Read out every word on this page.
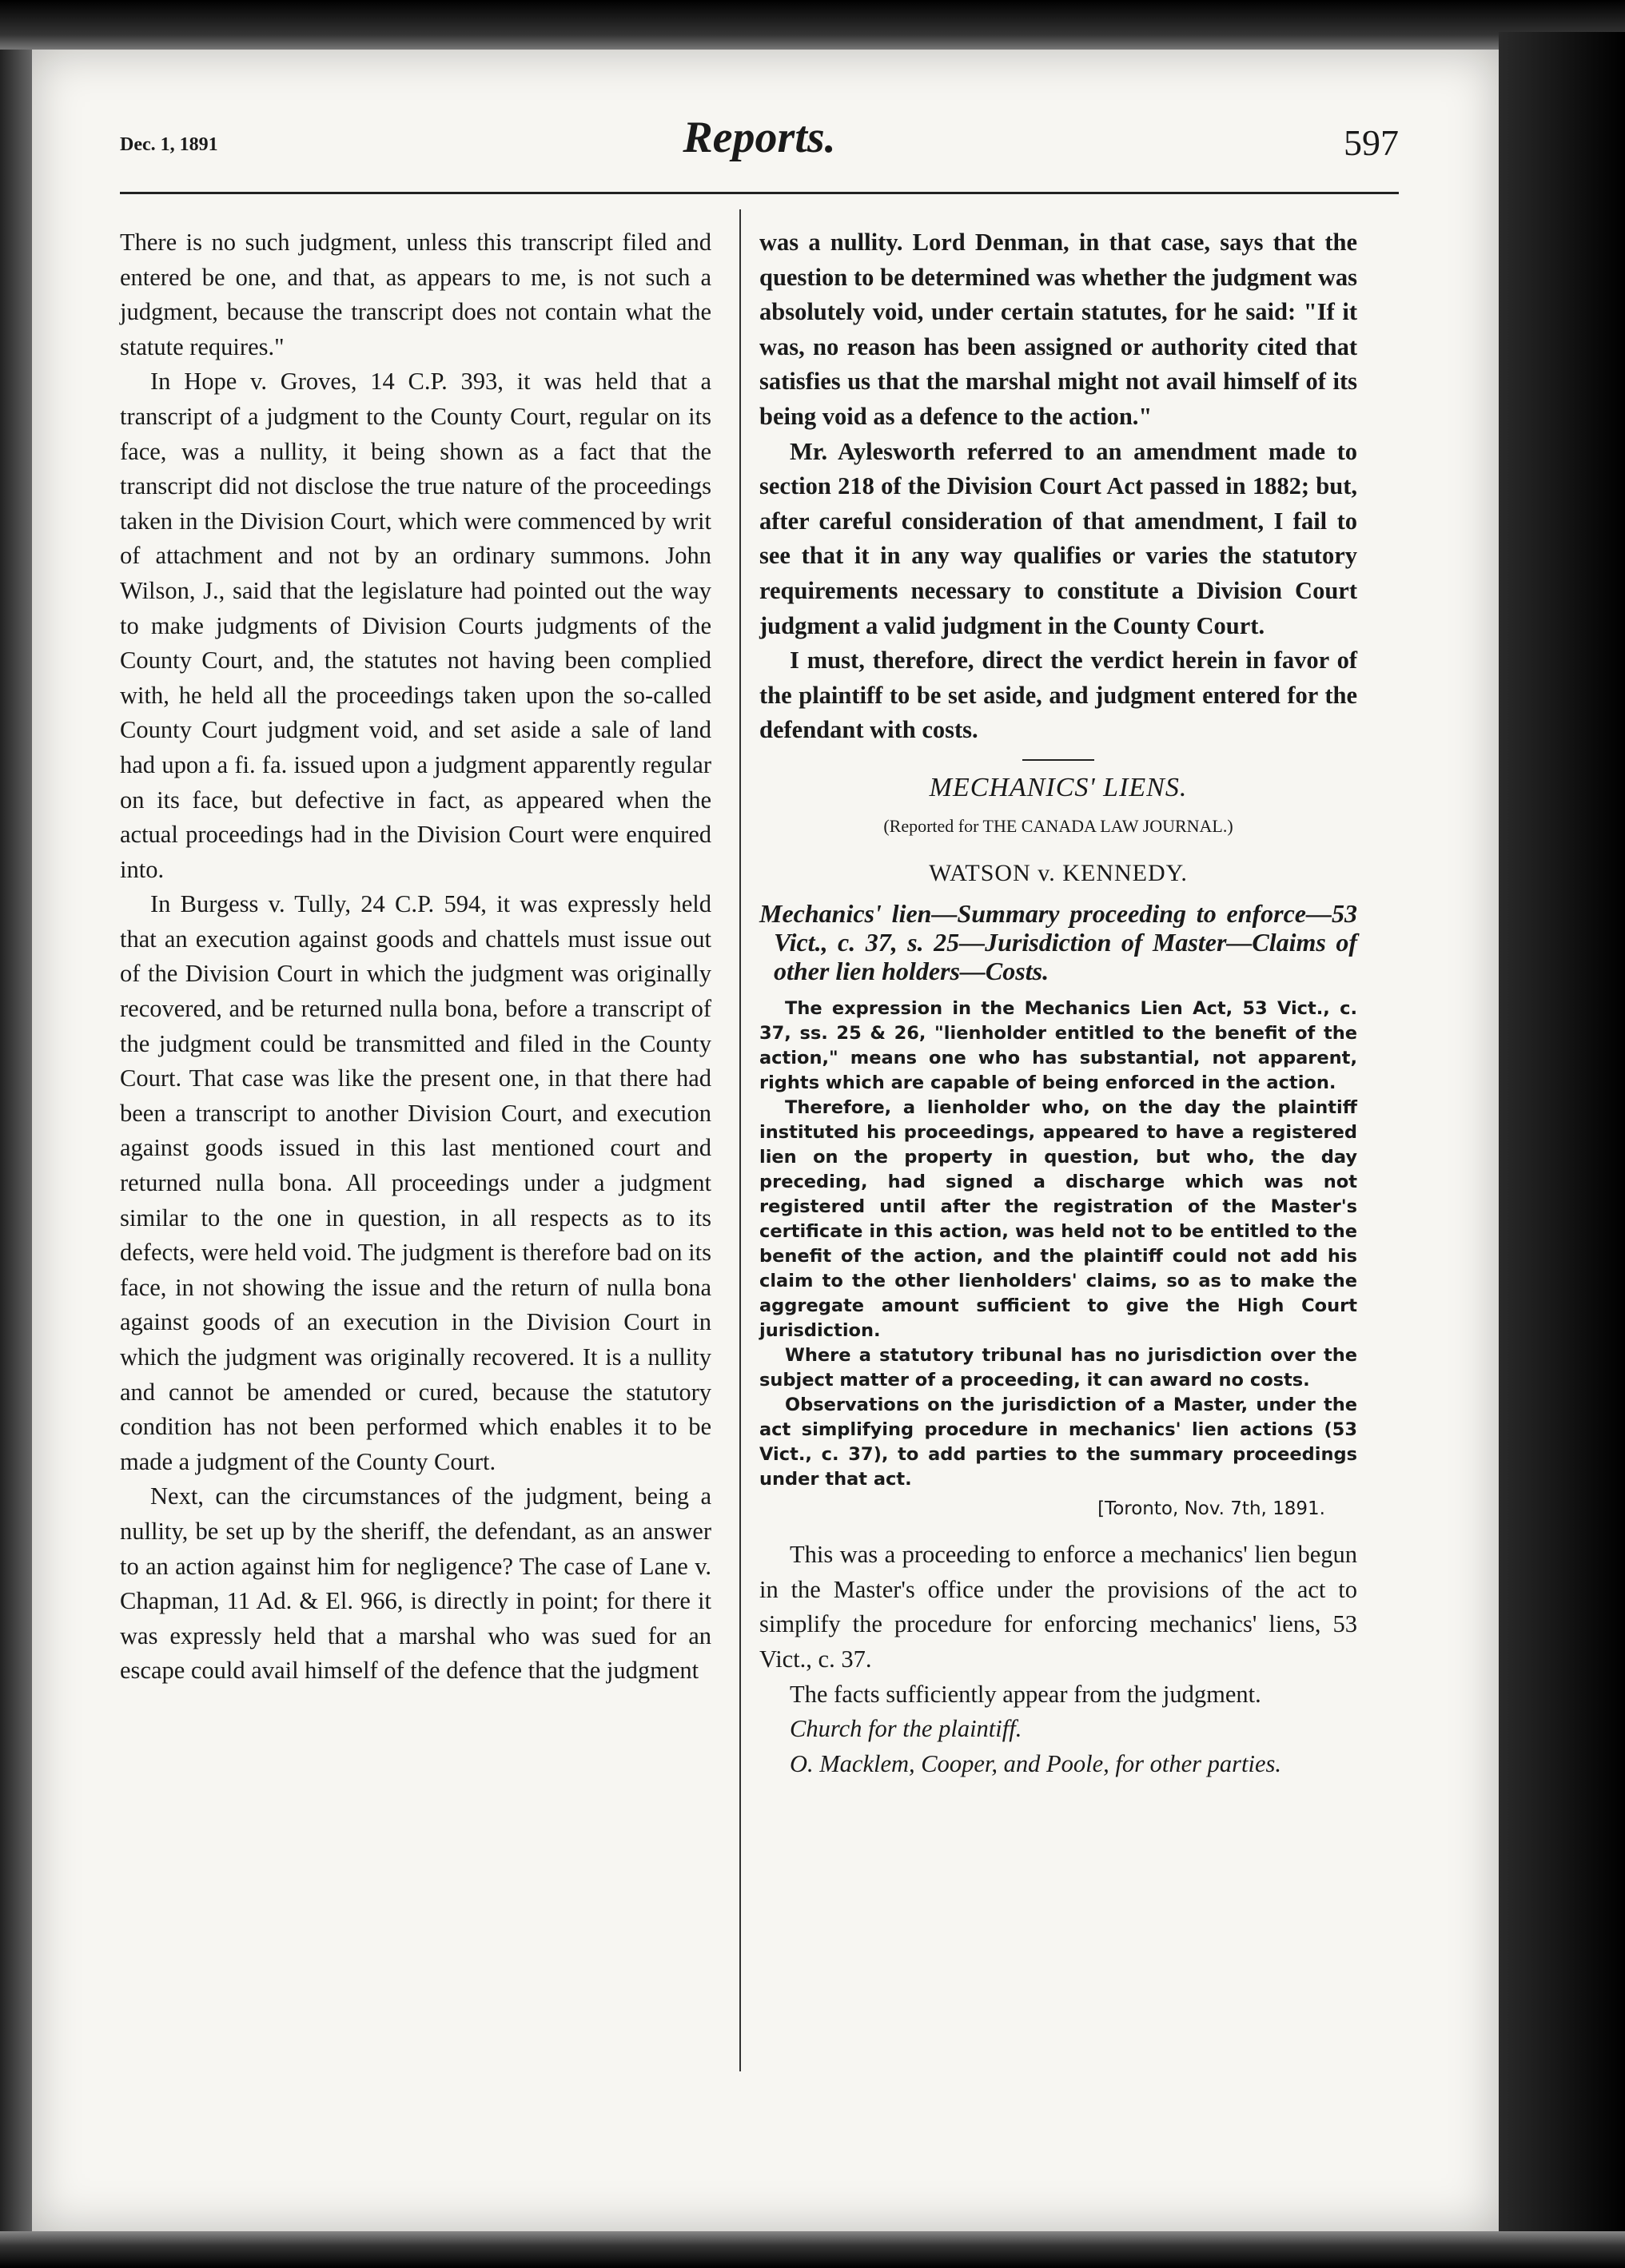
Dec. 1, 1891	Reports.	597

There is no such judgment, unless this transcript filed and entered be one, and that, as appears to me, is not such a judgment, because the transcript does not contain what the statute requires."

In Hope v. Groves, 14 C.P. 393, it was held that a transcript of a judgment to the County Court, regular on its face, was a nullity, it being shown as a fact that the transcript did not disclose the true nature of the proceedings taken in the Division Court, which were commenced by writ of attachment and not by an ordinary summons. John Wilson, J., said that the legislature had pointed out the way to make judgments of Division Courts judgments of the County Court, and, the statutes not having been complied with, he held all the proceedings taken upon the so-called County Court judgment void, and set aside a sale of land had upon a fi. fa. issued upon a judgment apparently regular on its face, but defective in fact, as appeared when the actual proceedings had in the Division Court were enquired into.

In Burgess v. Tully, 24 C.P. 594, it was expressly held that an execution against goods and chattels must issue out of the Division Court in which the judgment was originally recovered, and be returned nulla bona, before a transcript of the judgment could be transmitted and filed in the County Court. That case was like the present one, in that there had been a transcript to another Division Court, and execution against goods issued in this last mentioned court and returned nulla bona. All proceedings under a judgment similar to the one in question, in all respects as to its defects, were held void. The judgment is therefore bad on its face, in not showing the issue and the return of nulla bona against goods of an execution in the Division Court in which the judgment was originally recovered. It is a nullity and cannot be amended or cured, because the statutory condition has not been performed which enables it to be made a judgment of the County Court.

Next, can the circumstances of the judgment, being a nullity, be set up by the sheriff, the defendant, as an answer to an action against him for negligence? The case of Lane v. Chapman, 11 Ad. & El. 966, is directly in point; for there it was expressly held that a marshal who was sued for an escape could avail himself of the defence that the judgment

was a nullity. Lord Denman, in that case, says that the question to be determined was whether the judgment was absolutely void, under certain statutes, for he said: "If it was, no reason has been assigned or authority cited that satisfies us that the marshal might not avail himself of its being void as a defence to the action."

Mr. Aylesworth referred to an amendment made to section 218 of the Division Court Act passed in 1882; but, after careful consideration of that amendment, I fail to see that it in any way qualifies or varies the statutory requirements necessary to constitute a Division Court judgment a valid judgment in the County Court.

I must, therefore, direct the verdict herein in favor of the plaintiff to be set aside, and judgment entered for the defendant with costs.

MECHANICS' LIENS.
(Reported for THE CANADA LAW JOURNAL.)
WATSON v. KENNEDY.
Mechanics' lien—Summary proceeding to enforce—53 Vict., c. 37, s. 25—Jurisdiction of Master—Claims of other lien holders—Costs.

The expression in the Mechanics Lien Act, 53 Vict., c. 37, ss. 25 & 26, "lienholder entitled to the benefit of the action," means one who has substantial, not apparent, rights which are capable of being enforced in the action.

Therefore, a lienholder who, on the day the plaintiff instituted his proceedings, appeared to have a registered lien on the property in question, but who, the day preceding, had signed a discharge which was not registered until after the registration of the Master's certificate in this action, was held not to be entitled to the benefit of the action, and the plaintiff could not add his claim to the other lienholders' claims, so as to make the aggregate amount sufficient to give the High Court jurisdiction.

Where a statutory tribunal has no jurisdiction over the subject matter of a proceeding, it can award no costs.

Observations on the jurisdiction of a Master, under the act simplifying procedure in mechanics' lien actions (53 Vict., c. 37), to add parties to the summary proceedings under that act.

[Toronto, Nov. 7th, 1891.

This was a proceeding to enforce a mechanics' lien begun in the Master's office under the provisions of the act to simplify the procedure for enforcing mechanics' liens, 53 Vict., c. 37.

The facts sufficiently appear from the judgment.

Church for the plaintiff.

O. Macklem, Cooper, and Poole, for other parties.
